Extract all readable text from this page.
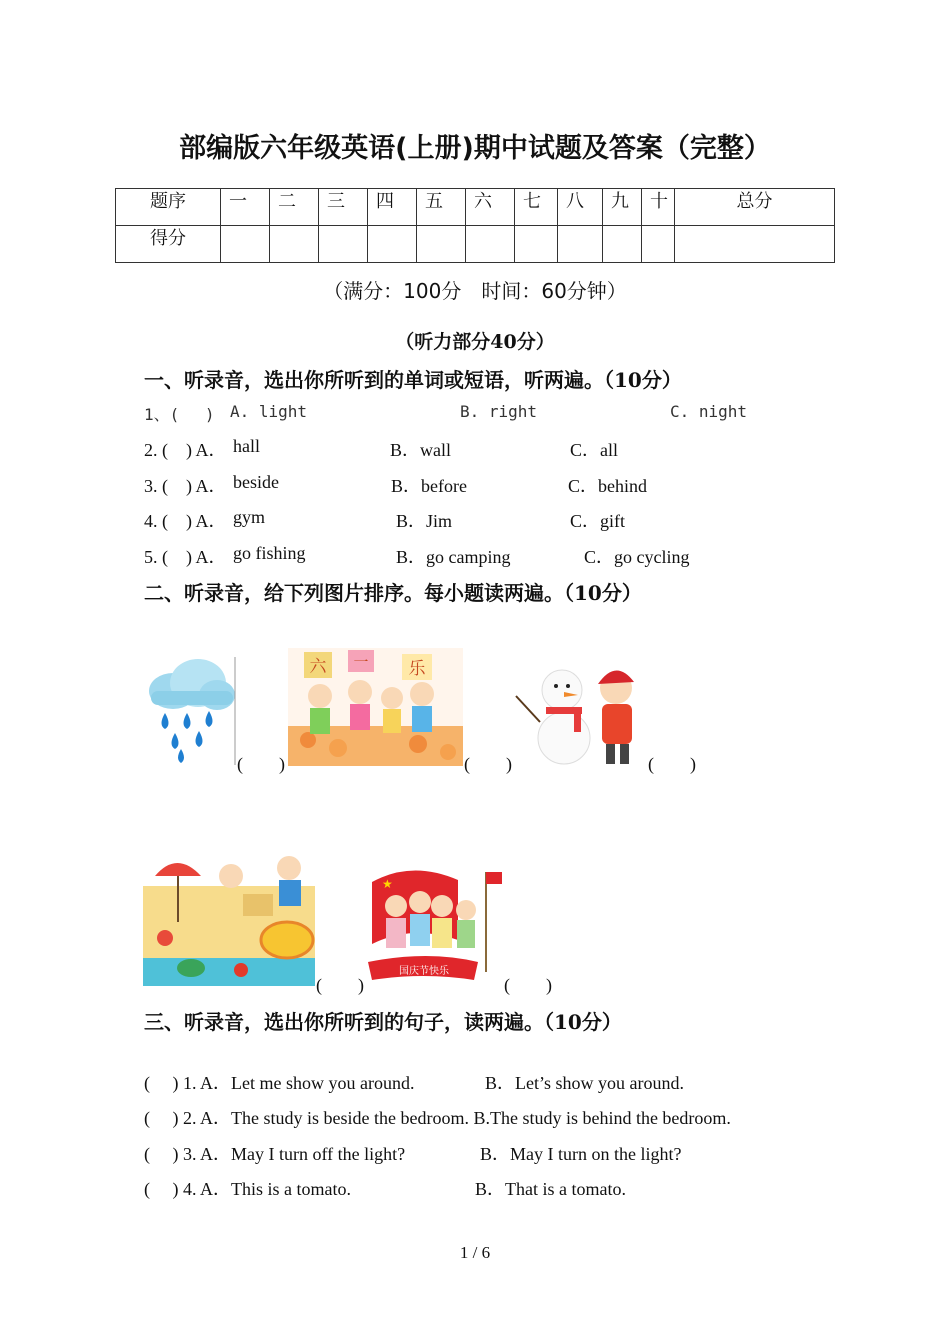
部编版六年级英语(上册)期中试题及答案（完整）
题序	一	二	三	四	五	六	七	八	九	十	总分
得分											
（满分：100分　时间：60分钟）
（听力部分40分）
一、听录音，选出你所听到的单词或短语，听两遍。（10分）
1、(　 ) A. light	B. right	C. night
2. (　) A． hall	B．wall	C．all
3. (　) A． beside	B．before	C．behind
4. (　) A． gym	B．Jim	C．gift
5. (　) A． go fishing	B．go camping	C．go cycling
二、听录音，给下列图片排序。每小题读两遍。（10分）
(　　)
六 一 乐
(　　)	(　　)
(　　)
★
国庆节快乐
(　　)
三、听录音，选出你所听到的句子，读两遍。（10分）
(　 ) 1. A．Let me show you around.	B．Let’s show you around.
(　 ) 2. A．The study is beside the bedroom. B.The study is behind the bedroom.
(　 ) 3. A．May I turn off the light?	B．May I turn on the light?
(　 ) 4. A．This is a tomato.	B．That is a tomato.
1 / 6
